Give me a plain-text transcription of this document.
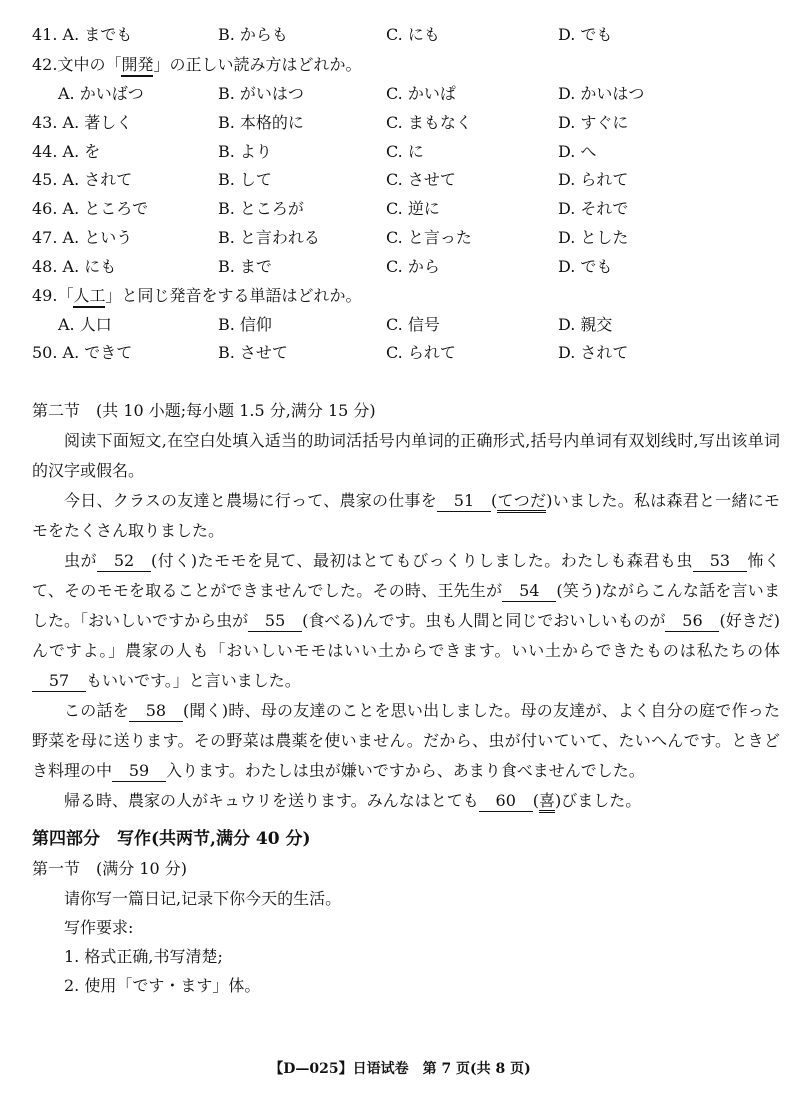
41. A. までも	B. からも	C. にも	D. でも
42.文中の「開発」の正しい読み方はどれか。
A. かいばつ	B. がいはつ	C. かいぱ	D. かいはつ
43. A. 著しく	B. 本格的に	C. まもなく	D. すぐに
44. A. を	B. より	C. に	D. へ
45. A. されて	B. して	C. させて	D. られて
46. A. ところで	B. ところが	C. 逆に	D. それで
47. A. という	B. と言われる	C. と言った	D. とした
48. A. にも	B. まで	C. から	D. でも
49.「人工」と同じ発音をする単語はどれか。
A. 人口	B. 信仰	C. 信号	D. 親交
50. A. できて	B. させて	C. られて	D. されて
第二节　(共 10 小题;每小题 1.5 分,满分 15 分)

阅读下面短文,在空白处填入适当的助词活括号内单词的正确形式,括号内单词有双划线时,写出该单词的汉字或假名。

今日、クラスの友達と農場に行って、農家の仕事を 51 (てつだ)いました。私は森君と一緒にモモをたくさん取りました。

虫が 52 (付く)たモモを見て、最初はとてもびっくりしました。わたしも森君も虫 53 怖くて、そのモモを取ることができませんでした。その時、王先生が 54 (笑う)ながらこんな話を言いました。「おいしいですから虫が 55 (食べる)んです。虫も人間と同じでおいしいものが 56 (好きだ)んですよ。」農家の人も「おいしいモモはいい土からできます。いい土からできたものは私たちの体57 もいいです。」と言いました。

この話を 58 (聞く)時、母の友達のことを思い出しました。母の友達が、よく自分の庭で作った野菜を母に送ります。その野菜は農薬を使いません。だから、虫が付いていて、たいへんです。ときどき料理の中 59 入ります。わたしは虫が嫌いですから、あまり食べませんでした。

帰る時、農家の人がキュウリを送ります。みんなはとても 60 (喜)びました。

第四部分　写作(共两节,满分 40 分)
第一节　(满分 10 分)
请你写一篇日记,记录下你今天的生活。
写作要求:
1. 格式正确,书写清楚;
2. 使用「です・ます」体。
【D—025】日语试卷　第 7 页(共 8 页)
